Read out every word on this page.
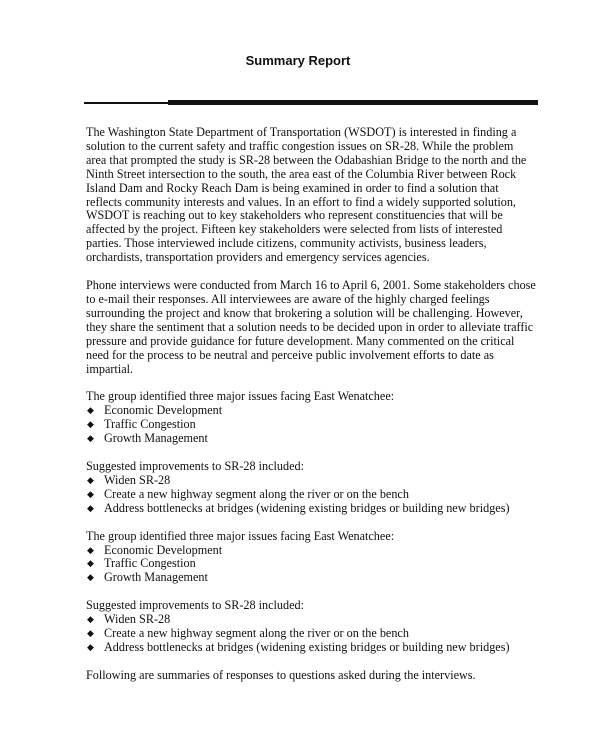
Summary Report

The Washington State Department of Transportation (WSDOT) is interested in finding a solution to the current safety and traffic congestion issues on SR-28. While the problem area that prompted the study is SR-28 between the Odabashian Bridge to the north and the Ninth Street intersection to the south, the area east of the Columbia River between Rock Island Dam and Rocky Reach Dam is being examined in order to find a solution that reflects community interests and values. In an effort to find a widely supported solution, WSDOT is reaching out to key stakeholders who represent constituencies that will be affected by the project. Fifteen key stakeholders were selected from lists of interested parties. Those interviewed include citizens, community activists, business leaders, orchardists, transportation providers and emergency services agencies.

Phone interviews were conducted from March 16 to April 6, 2001. Some stakeholders chose to e-mail their responses. All interviewees are aware of the highly charged feelings surrounding the project and know that brokering a solution will be challenging. However, they share the sentiment that a solution needs to be decided upon in order to alleviate traffic pressure and provide guidance for future development. Many commented on the critical need for the process to be neutral and perceive public involvement efforts to date as impartial.

The group identified three major issues facing East Wenatchee:

◆ Economic Development
◆ Traffic Congestion
◆ Growth Management

Suggested improvements to SR-28 included:

◆ Widen SR-28
◆ Create a new highway segment along the river or on the bench
◆ Address bottlenecks at bridges (widening existing bridges or building new bridges)

The group identified three major issues facing East Wenatchee:

◆ Economic Development
◆ Traffic Congestion
◆ Growth Management

Suggested improvements to SR-28 included:

◆ Widen SR-28
◆ Create a new highway segment along the river or on the bench
◆ Address bottlenecks at bridges (widening existing bridges or building new bridges)

Following are summaries of responses to questions asked during the interviews.
